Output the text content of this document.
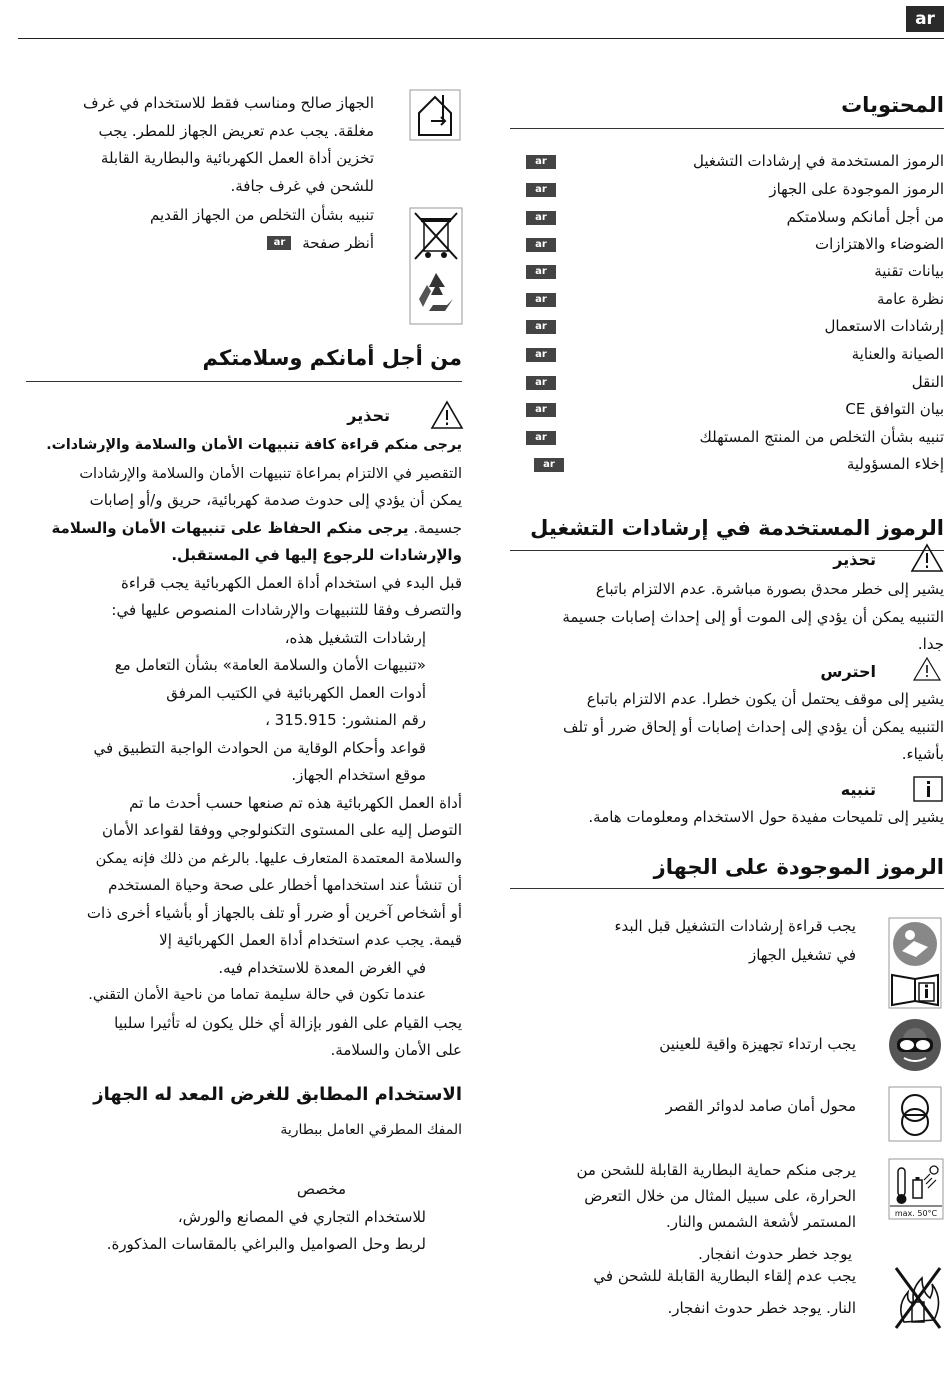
ar
المحتويات
الرموز المستخدمة في إرشادات التشغيل
ar
الرموز الموجودة على الجهاز
ar
من أجل أمانكم وسلامتكم
ar
الضوضاء والاهتزازات
ar
بيانات تقنية
ar
نظرة عامة
ar
إرشادات الاستعمال
ar
الصيانة والعناية
ar
النقل
ar
بيان التوافق CE
ar
تنبيه بشأن التخلص من المنتج المستهلك
ar
إخلاء المسؤولية
ar
الرموز المستخدمة في إرشادات التشغيل
تحذير
يشير إلى خطر محدق بصورة مباشرة. عدم الالتزام باتباع
التنبيه يمكن أن يؤدي إلى الموت أو إلى إحداث إصابات جسيمة
جدا.
احترس
يشير إلى موقف يحتمل أن يكون خطرا. عدم الالتزام باتباع
التنبيه يمكن أن يؤدي إلى إحداث إصابات أو إلحاق ضرر أو تلف
بأشياء.
تنبيه
يشير إلى تلميحات مفيدة حول الاستخدام ومعلومات هامة.
الرموز الموجودة على الجهاز
يجب قراءة إرشادات التشغيل قبل البدء
في تشغيل الجهاز
يجب ارتداء تجهيزة واقية للعينين
محول أمان صامد لدوائر القصر
max. 50°C
يرجى منكم حماية البطارية القابلة للشحن من
الحرارة، على سبيل المثال من خلال التعرض
المستمر لأشعة الشمس والنار.
يوجد خطر حدوث انفجار.
يجب عدم إلقاء البطارية القابلة للشحن في
النار. يوجد خطر حدوث انفجار.
الجهاز صالح ومناسب فقط للاستخدام في غرف
مغلقة. يجب عدم تعريض الجهاز للمطر. يجب
تخزين أداة العمل الكهربائية والبطارية القابلة
للشحن في غرف جافة.
تنبيه بشأن التخلص من الجهاز القديم
أنظر صفحة ar
من أجل أمانكم وسلامتكم
تحذير
يرجى منكم قراءة كافة تنبيهات الأمان والسلامة والإرشادات.
التقصير في الالتزام بمراعاة تنبيهات الأمان والسلامة والإرشادات
يمكن أن يؤدي إلى حدوث صدمة كهربائية، حريق و/أو إصابات
جسيمة. يرجى منكم الحفاظ على تنبيهات الأمان والسلامة
والإرشادات للرجوع إليها في المستقبل.
قبل البدء في استخدام أداة العمل الكهربائية يجب قراءة
والتصرف وفقا للتنبيهات والإرشادات المنصوص عليها في:
إرشادات التشغيل هذه،
«تنبيهات الأمان والسلامة العامة» بشأن التعامل مع
أدوات العمل الكهربائية في الكتيب المرفق
رقم المنشور: 315.915 ،
قواعد وأحكام الوقاية من الحوادث الواجبة التطبيق في
موقع استخدام الجهاز.
أداة العمل الكهربائية هذه تم صنعها حسب أحدث ما تم
التوصل إليه على المستوى التكنولوجي ووفقا لقواعد الأمان
والسلامة المعتمدة المتعارف عليها. بالرغم من ذلك فإنه يمكن
أن تنشأ عند استخدامها أخطار على صحة وحياة المستخدم
أو أشخاص آخرين أو ضرر أو تلف بالجهاز أو بأشياء أخرى ذات
قيمة. يجب عدم استخدام أداة العمل الكهربائية إلا
في الغرض المعدة للاستخدام فيه.
عندما تكون في حالة سليمة تماما من ناحية الأمان التقني.
يجب القيام على الفور بإزالة أي خلل يكون له تأثيرا سلبيا
على الأمان والسلامة.
الاستخدام المطابق للغرض المعد له الجهاز
المفك المطرقي العامل ببطارية
مخصص
للاستخدام التجاري في المصانع والورش،
لربط وحل الصواميل والبراغي بالمقاسات المذكورة.
